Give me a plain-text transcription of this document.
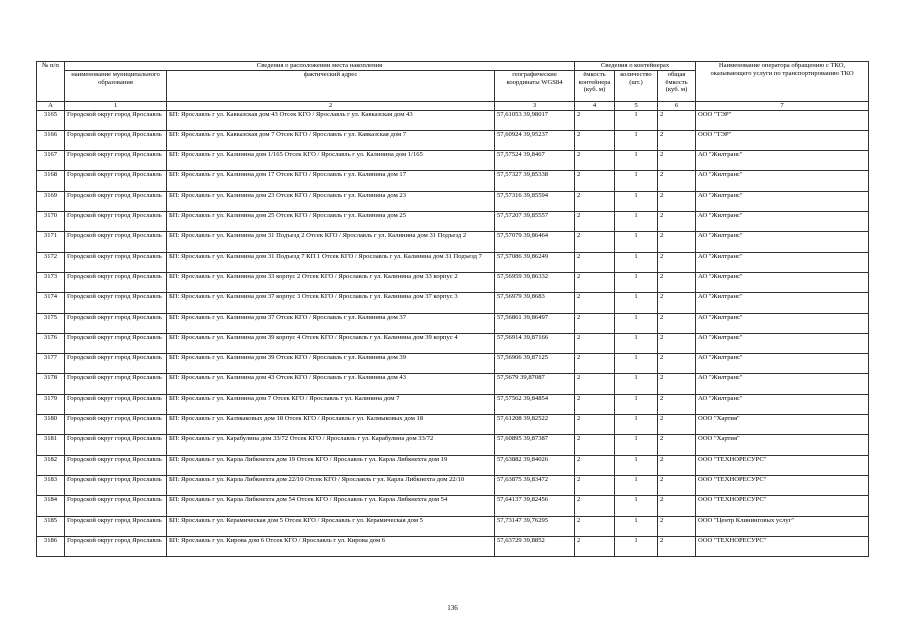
№ п/п	Сведения о расположении места накопления			Сведения о контейнерах			Наименование оператора обращению с ТКО, оказывающего услуги по транспортированию ТКО
	наименование муниципального образования	фактический адрес	географические координаты WGS84	ёмкость контейнера (куб. м)	количество (шт.)	общая ёмкость (куб. м)	
А	1	2	3	4	5	6	7
3165	Городской округ город Ярославль	БП: Ярославль г ул. Кавказская дом 43 Отсек КГО / Ярославль г ул. Кавказская дом 43	57,61053 39,98017	2	1	2	ООО "ТЭР"
3166	Городской округ город Ярославль	БП: Ярославль г ул. Кавказская дом 7 Отсек КГО / Ярославль г ул. Кавказская дом 7	57,60924 39,95237	2	1	2	ООО "ТЭР"
3167	Городской округ город Ярославль	БП: Ярославль г ул. Калинина дом 1/165 Отсек КГО / Ярославль г ул. Калинина дом 1/165	57,57524 39,8467	2	1	2	АО "Жилтранс"
3168	Городской округ город Ярославль	БП: Ярославль г ул. Калинина дом 17 Отсек КГО / Ярославль г ул. Калинина дом 17	57,57327 39,85338	2	1	2	АО "Жилтранс"
3169	Городской округ город Ярославль	БП: Ярославль г ул. Калинина дом 23 Отсек КГО / Ярославль г ул. Калинина дом 23	57,57316 39,85594	2	1	2	АО "Жилтранс"
3170	Городской округ город Ярославль	БП: Ярославль г ул. Калинина дом 25 Отсек КГО / Ярославль г ул. Калинина дом 25	57,57207 39,85557	2	1	2	АО "Жилтранс"
3171	Городской округ город Ярославль	БП: Ярославль г ул. Калинина дом 31 Подъезд 2 Отсек КГО / Ярославль г ул. Калинина дом 31 Подъезд 2	57,57079 39,86464	2	1	2	АО "Жилтранс"
3172	Городской округ город Ярославль	БП: Ярославль г ул. Калинина дом 31 Подъезд 7 КП 1 Отсек КГО / Ярославль г ул. Калинина дом 31 Подъезд 7	57,57086 39,86249	2	1	2	АО "Жилтранс"
3173	Городской округ город Ярославль	БП: Ярославль г ул. Калинина дом 33 корпус 2 Отсек КГО / Ярославль г ул. Калинина дом 33 корпус 2	57,56959 39,86332	2	1	2	АО "Жилтранс"
3174	Городской округ город Ярославль	БП: Ярославль г ул. Калинина дом 37 корпус 3 Отсек КГО / Ярославль г ул. Калинина дом 37 корпус 3	57,56979 39,8683	2	1	2	АО "Жилтранс"
3175	Городской округ город Ярославль	БП: Ярославль г ул. Калинина дом 37 Отсек КГО / Ярославль г ул. Калинина дом 37	57,56861 39,86497	2	1	2	АО "Жилтранс"
3176	Городской округ город Ярославль	БП: Ярославль г ул. Калинина дом 39 корпус 4 Отсек КГО / Ярославль г ул. Калинина дом 39 корпус 4	57,56914 39,87166	2	1	2	АО "Жилтранс"
3177	Городской округ город Ярославль	БП: Ярославль г ул. Калинина дом 39 Отсек КГО / Ярославль г ул. Калинина дом 39	57,56906 39,87125	2	1	2	АО "Жилтранс"
3178	Городской округ город Ярославль	БП: Ярославль г ул. Калинина дом 43 Отсек КГО / Ярославль г ул. Калинина дом 43	57,5679 39,87087	2	1	2	АО "Жилтранс"
3179	Городской округ город Ярославль	БП: Ярославль г ул. Калинина дом 7 Отсек КГО / Ярославль г ул. Калинина дом 7	57,57562 39,84854	2	1	2	АО "Жилтранс"
3180	Городской округ город Ярославль	БП: Ярославль г ул. Калмыковых дом 18 Отсек КГО / Ярославль г ул. Калмыковых дом 18	57,61208 39,82522	2	1	2	ООО "Хартия"
3181	Городской округ город Ярославль	БП: Ярославль г ул. Карабулина дом 33/72 Отсек КГО / Ярославль г ул. Карабулина дом 33/72	57,60895 39,87387	2	1	2	ООО "Хартия"
3182	Городской округ город Ярославль	БП: Ярославль г ул. Карла Либкнехта дом 19 Отсек КГО / Ярославль г ул. Карла Либкнехта дом 19	57,63882 39,84026	2	1	2	ООО "ТЕХНОРЕСУРС"
3183	Городской округ город Ярославль	БП: Ярославль г ул. Карла Либкнехта дом 22/10 Отсек КГО / Ярославль г ул. Карла Либкнехта дом 22/10	57,63875 39,83472	2	1	2	ООО "ТЕХНОРЕСУРС"
3184	Городской округ город Ярославль	БП: Ярославль г ул. Карла Либкнехта дом 54 Отсек КГО / Ярославль г ул. Карла Либкнехта дом 54	57,64137 39,82456	2	1	2	ООО "ТЕХНОРЕСУРС"
3185	Городской округ город Ярославль	БП: Ярославль г ул. Керамическая дом 5 Отсек КГО / Ярославль г ул. Керамическая дом 5	57,73147 39,76295	2	1	2	ООО "Центр Клининговых услуг"
3186	Городской округ город Ярославль	БП: Ярославль г ул. Кирова дом 6 Отсек КГО / Ярославль г ул. Кирова дом 6	57,63729 39,8852	2	1	2	ООО "ТЕХНОРЕСУРС"
136
